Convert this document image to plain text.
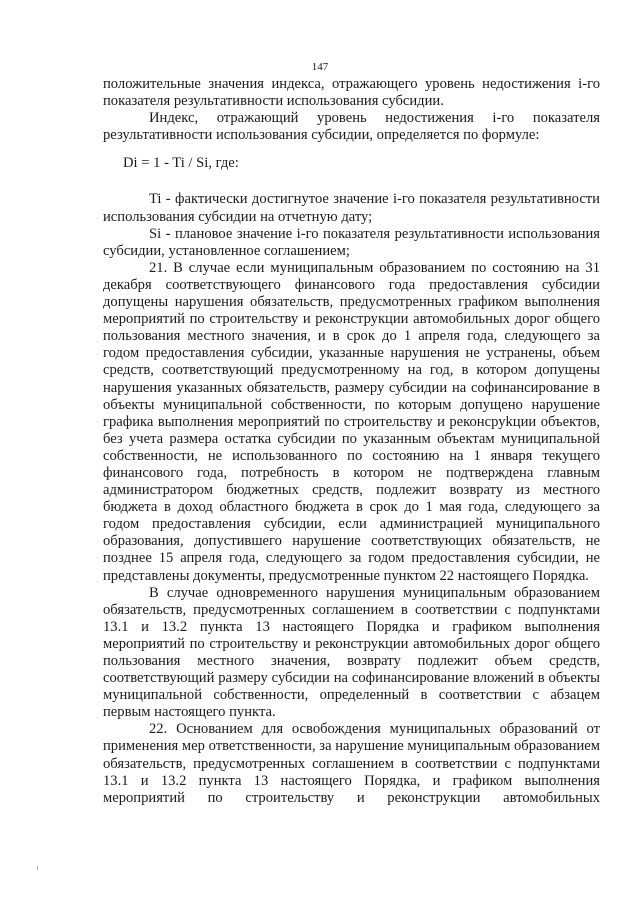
147

положительные значения индекса, отражающего уровень недостижения i-го показателя результативности использования субсидии.

Индекс, отражающий уровень недостижения i-го показателя результативности использования субсидии, определяется по формуле:

Di = 1 - Ti / Si, где:

Ti - фактически достигнутое значение i-го показателя результативности использования субсидии на отчетную дату;

Si - плановое значение i-го показателя результативности использования субсидии, установленное соглашением;

21. В случае если муниципальным образованием по состоянию на 31 декабря соответствующего финансового года предоставления субсидии допущены нарушения обязательств, предусмотренных графиком выполнения мероприятий по строительству и реконструкции автомобильных дорог общего пользования местного значения, и в срок до 1 апреля года, следующего за годом предоставления субсидии, указанные нарушения не устранены, объем средств, соответствующий предусмотренному на год, в котором допущены нарушения указанных обязательств, размеру субсидии на софинансирование в объекты муниципальной собственности, по которым допущено нарушение графика выполнения мероприятий по строительству и реконсруkции объектов, без учета размера остатка субсидии по указанным объектам муниципальной собственности, не использованного по состоянию на 1 января текущего финансового года, потребность в котором не подтверждена главным администратором бюджетных средств, подлежит возврату из местного бюджета в доход областного бюджета в срок до 1 мая года, следующего за годом предоставления субсидии, если администрацией муниципального образования, допустившего нарушение соответствующих обязательств, не позднее 15 апреля года, следующего за годом предоставления субсидии, не представлены документы, предусмотренные пунктом 22 настоящего Порядка.

В случае одновременного нарушения муниципальным образованием обязательств, предусмотренных соглашением в соответствии с подпунктами 13.1 и 13.2 пункта 13 настоящего Порядка и графиком выполнения мероприятий по строительству и реконструкции автомобильных дорог общего пользования местного значения, возврату подлежит объем средств, соответствующий размеру субсидии на софинансирование вложений в объекты муниципальной собственности, определенный в соответствии с абзацем первым настоящего пункта.

22. Основанием для освобождения муниципальных образований от применения мер ответственности, за нарушение муниципальным образованием обязательств, предусмотренных соглашением в соответствии с подпунктами 13.1 и 13.2 пункта 13 настоящего Порядка, и графиком выполнения мероприятий по строительству и реконструкции автомобильных
